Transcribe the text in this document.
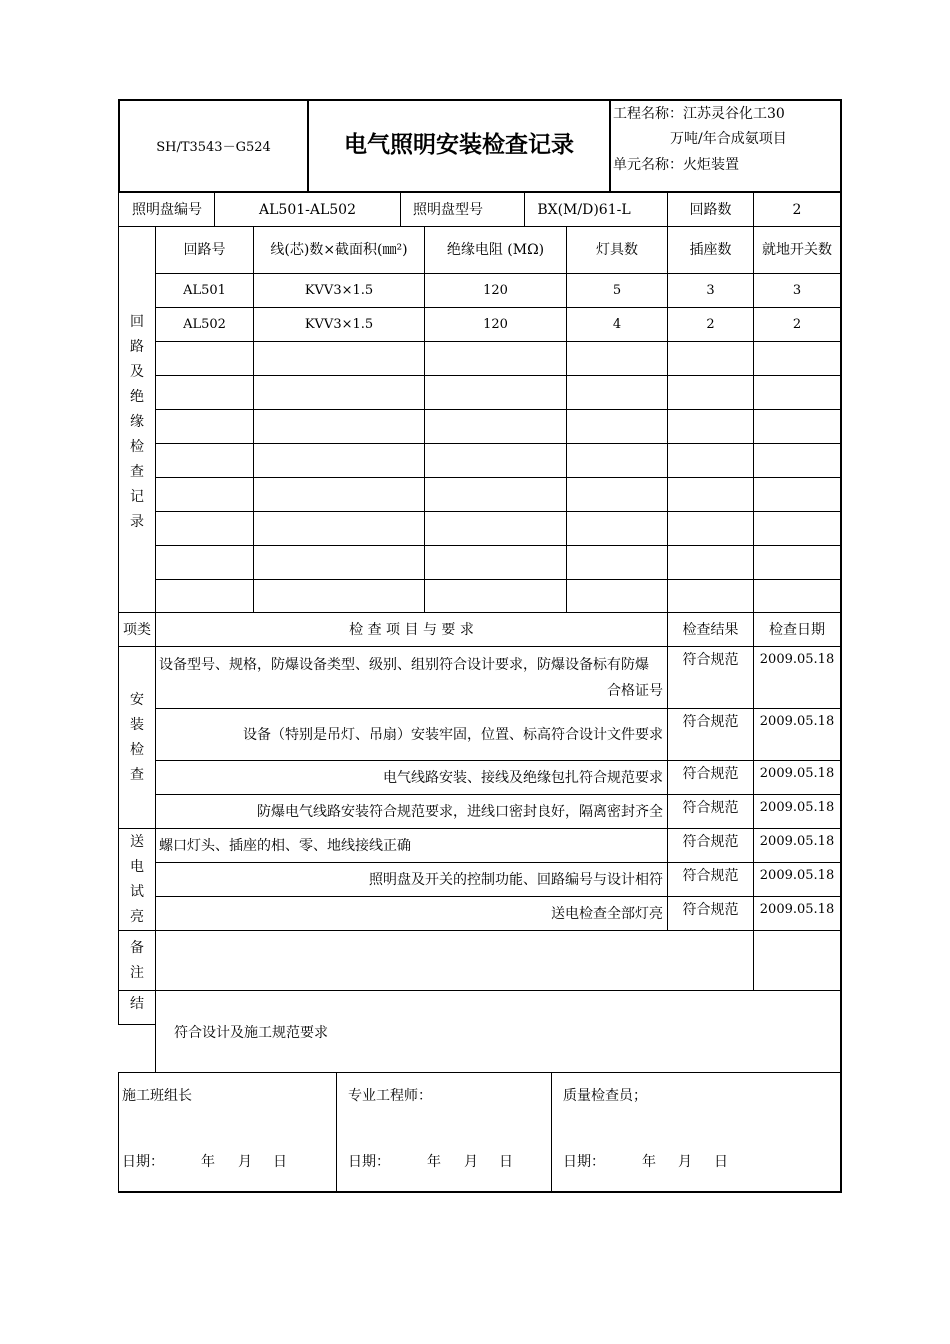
SH/T3543－G524	电气照明安装检查记录
工程名称：江苏灵谷化工30
万吨/年合成氨项目
单元名称：火炬装置
照明盘编号	AL501-AL502	照明盘型号	BX(M/D)61-L	回路数	2
回
路
及
绝
缘
检
查
记
录
回路号	线(芯)数×截面积(㎜²)	绝缘电阻 (MΩ)	灯具数	插座数	就地开关数
AL501	KVV3×1.5	120	5	3	3
AL502	KVV3×1.5	120	4	2	2
项类	检 查 项 目 与 要 求	检查结果	检查日期
安
装
检
查
设备型号、规格，防爆设备类型、级别、组别符合设计要求，防爆设备标有防爆
合格证号
符合规范	2009.05.18
设备（特别是吊灯、吊扇）安装牢固，位置、标高符合设计文件要求
符合规范	2009.05.18
电气线路安装、接线及绝缘包扎符合规范要求	符合规范	2009.05.18
防爆电气线路安装符合规范要求，进线口密封良好，隔离密封齐全	符合规范	2009.05.18
送
电
试
亮
螺口灯头、插座的相、零、地线接线正确	符合规范	2009.05.18
照明盘及开关的控制功能、回路编号与设计相符	符合规范	2009.05.18
送电检查全部灯亮	符合规范	2009.05.18
备
注
结
符合设计及施工规范要求
施工班组长
日期：	年 月 日
专业工程师：
日期：	年 月 日
质量检查员；
日期：	年 月 日
